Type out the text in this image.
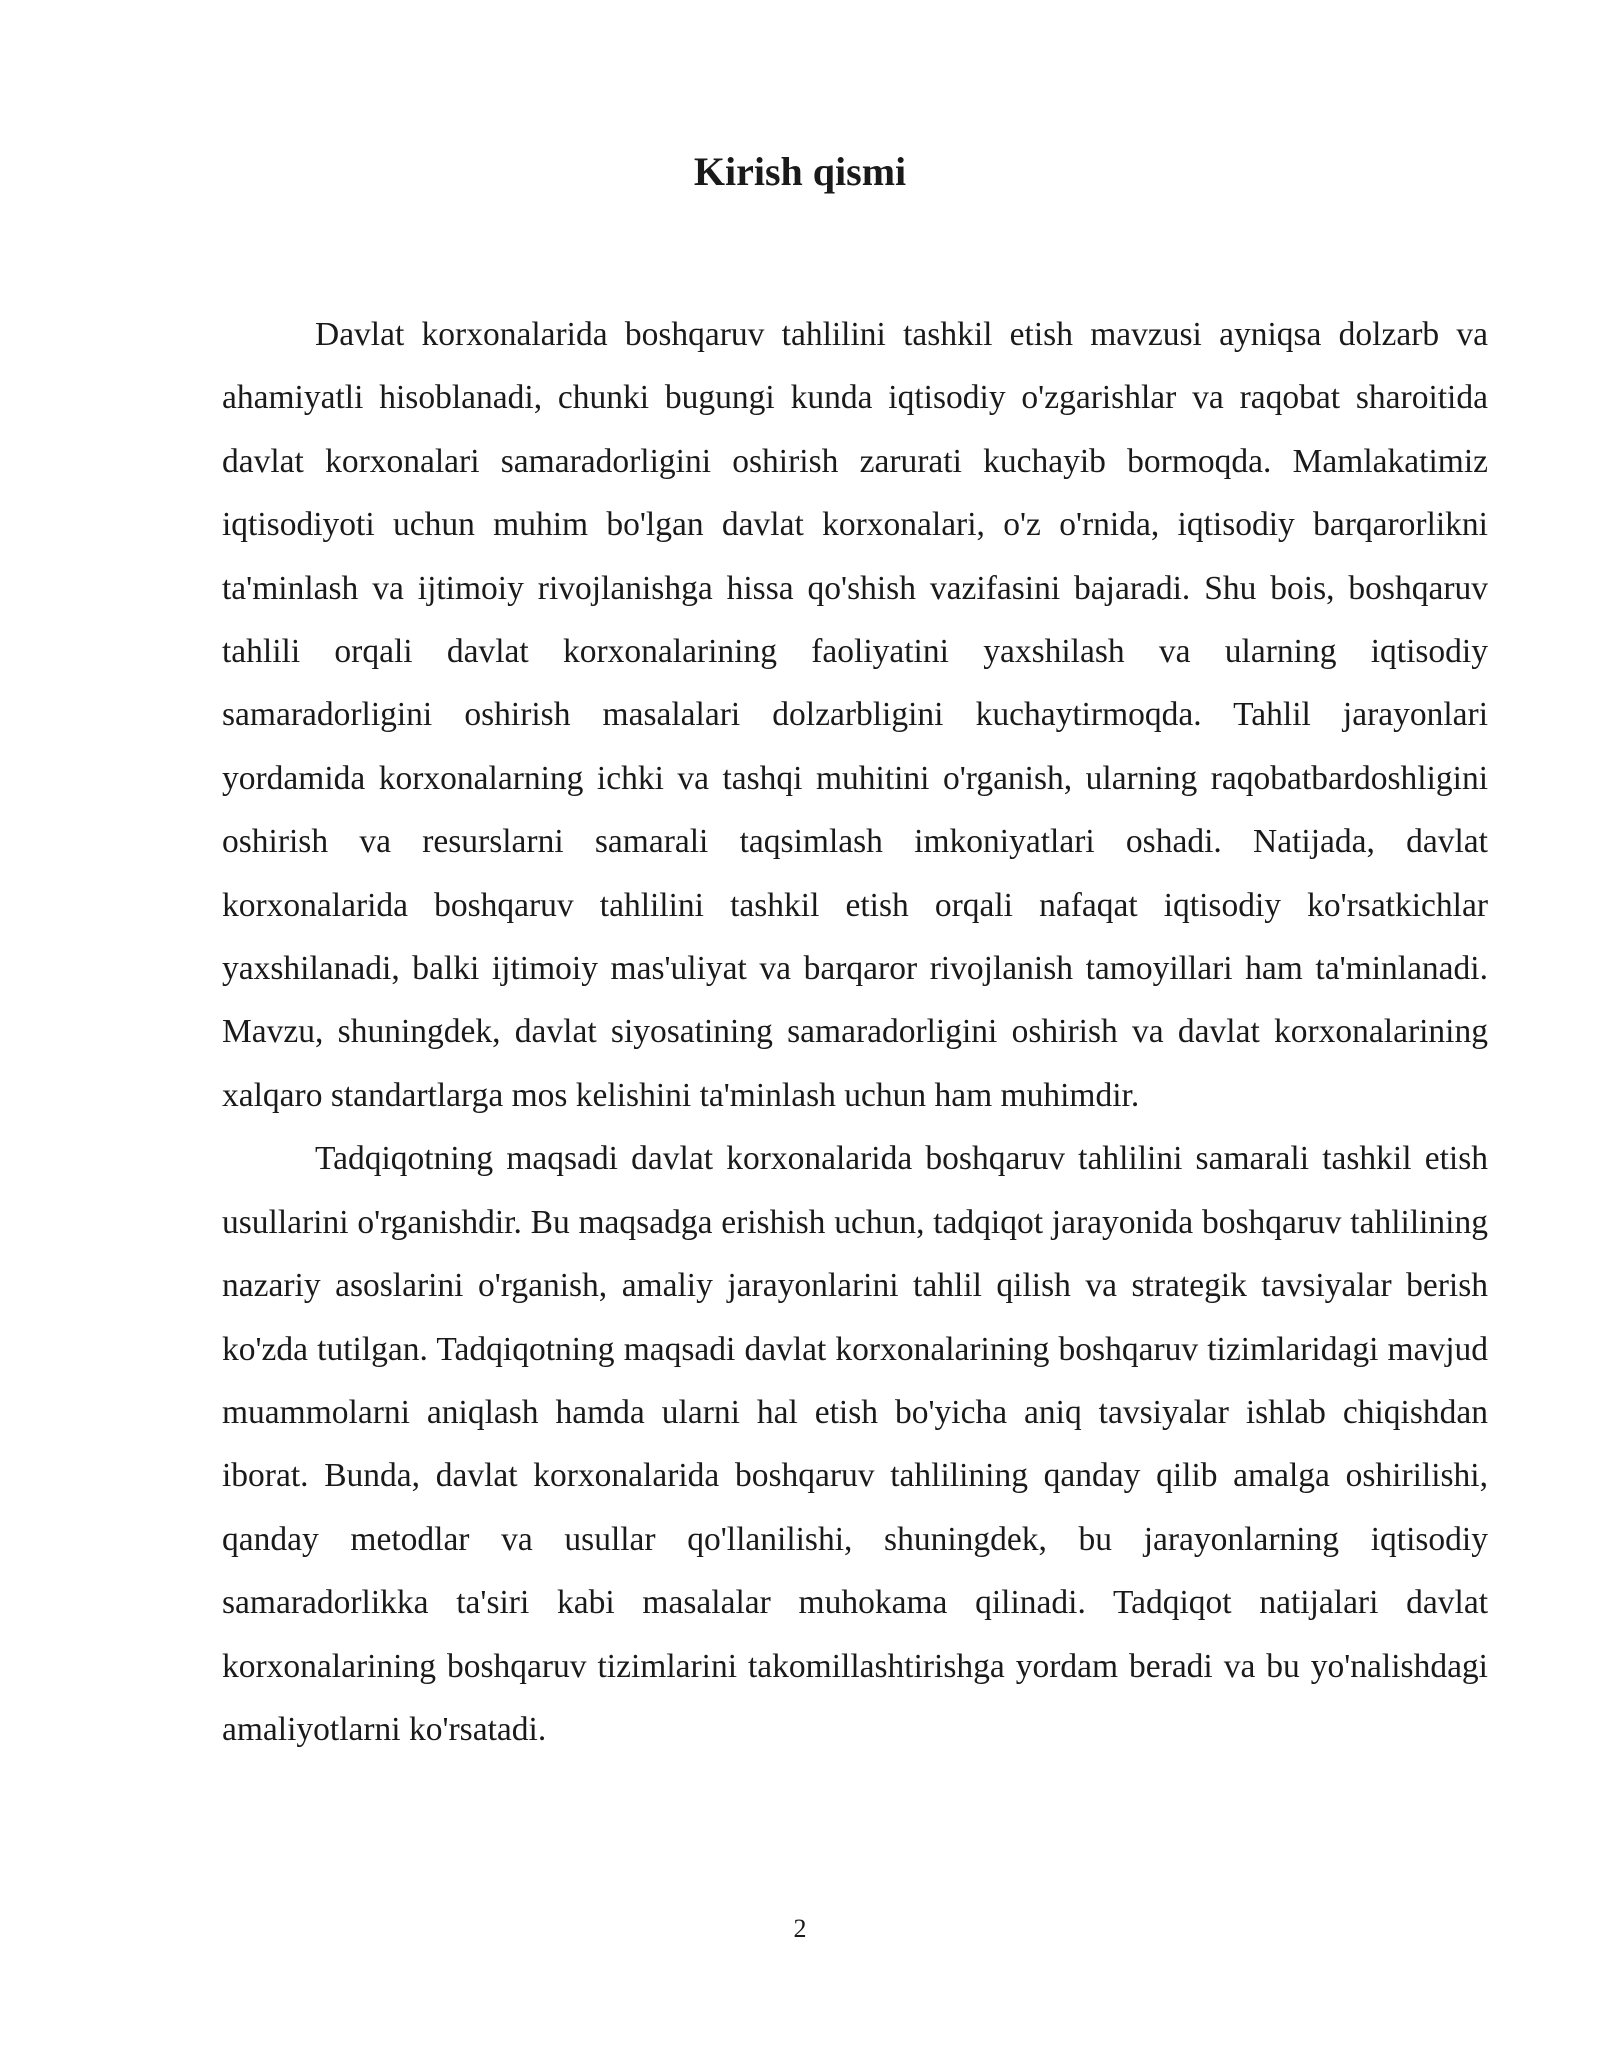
Kirish qismi

Davlat korxonalarida boshqaruv tahlilini tashkil etish mavzusi ayniqsa dolzarb va ahamiyatli hisoblanadi, chunki bugungi kunda iqtisodiy o'zgarishlar va raqobat sharoitida davlat korxonalari samaradorligini oshirish zarurati kuchayib bormoqda. Mamlakatimiz iqtisodiyoti uchun muhim bo'lgan davlat korxonalari, o'z o'rnida, iqtisodiy barqarorlikni ta'minlash va ijtimoiy rivojlanishga hissa qo'shish vazifasini bajaradi. Shu bois, boshqaruv tahlili orqali davlat korxonalarining faoliyatini yaxshilash va ularning iqtisodiy samaradorligini oshirish masalalari dolzarbligini kuchaytirmoqda. Tahlil jarayonlari yordamida korxonalarning ichki va tashqi muhitini o'rganish, ularning raqobatbardoshligini oshirish va resurslarni samarali taqsimlash imkoniyatlari oshadi. Natijada, davlat korxonalarida boshqaruv tahlilini tashkil etish orqali nafaqat iqtisodiy ko'rsatkichlar yaxshilanadi, balki ijtimoiy mas'uliyat va barqaror rivojlanish tamoyillari ham ta'minlanadi. Mavzu, shuningdek, davlat siyosatining samaradorligini oshirish va davlat korxonalarining xalqaro standartlarga mos kelishini ta'minlash uchun ham muhimdir.

Tadqiqotning maqsadi davlat korxonalarida boshqaruv tahlilini samarali tashkil etish usullarini o'rganishdir. Bu maqsadga erishish uchun, tadqiqot jarayonida boshqaruv tahlilining nazariy asoslarini o'rganish, amaliy jarayonlarini tahlil qilish va strategik tavsiyalar berish ko'zda tutilgan. Tadqiqotning maqsadi davlat korxonalarining boshqaruv tizimlaridagi mavjud muammolarni aniqlash hamda ularni hal etish bo'yicha aniq tavsiyalar ishlab chiqishdan iborat. Bunda, davlat korxonalarida boshqaruv tahlilining qanday qilib amalga oshirilishi, qanday metodlar va usullar qo'llanilishi, shuningdek, bu jarayonlarning iqtisodiy samaradorlikka ta'siri kabi masalalar muhokama qilinadi. Tadqiqot natijalari davlat korxonalarining boshqaruv tizimlarini takomillashtirishga yordam beradi va bu yo'nalishdagi amaliyotlarni ko'rsatadi.

2
